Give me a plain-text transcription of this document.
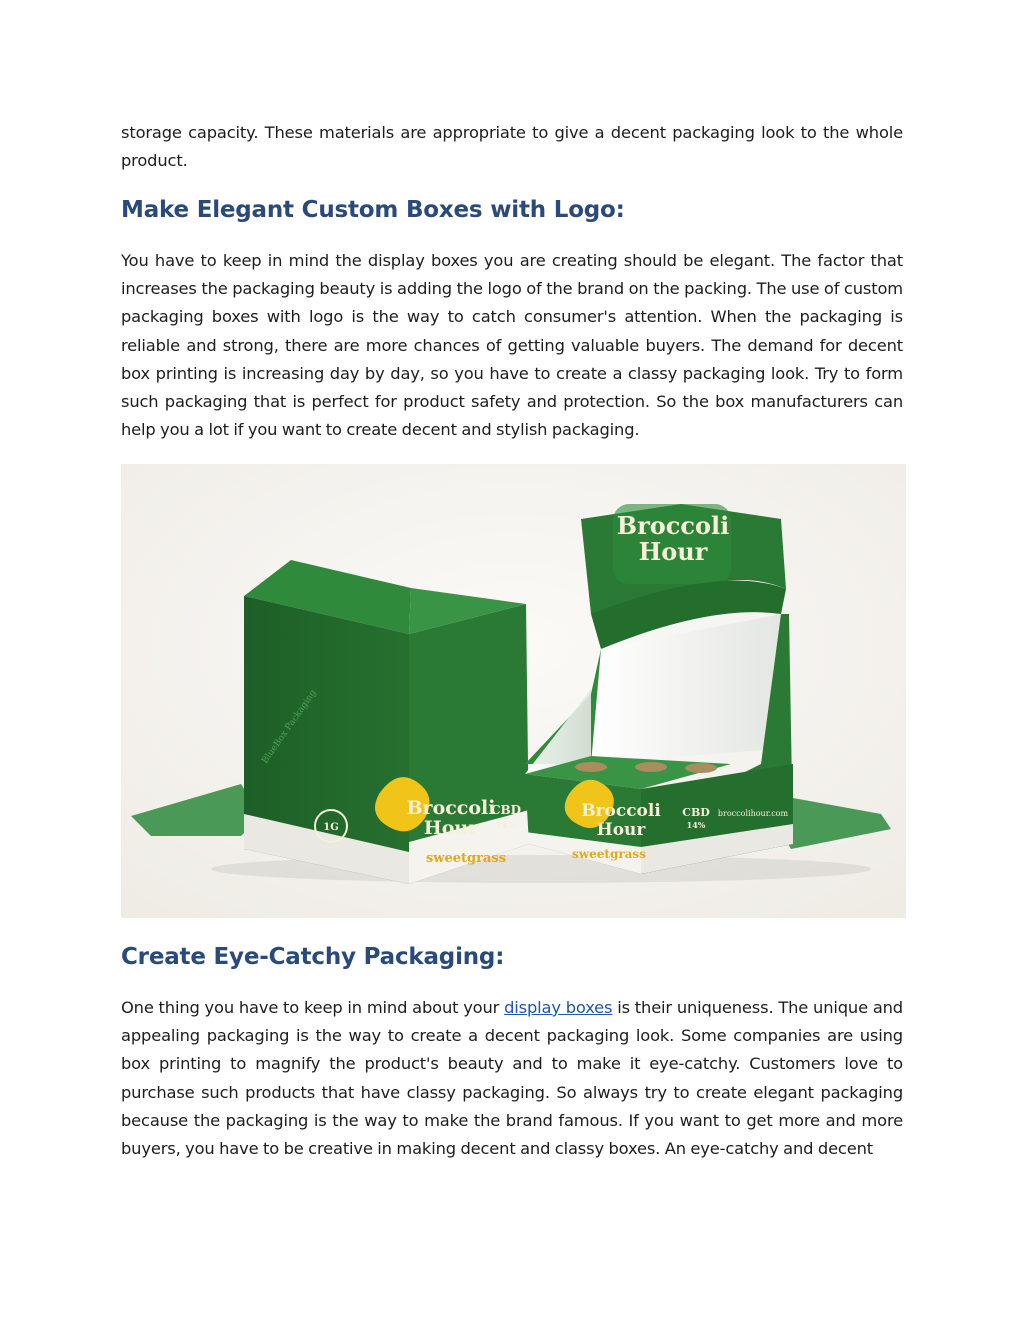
storage capacity. These materials are appropriate to give a decent packaging look to the whole product.

Make Elegant Custom Boxes with Logo:

You have to keep in mind the display boxes you are creating should be elegant. The factor that increases the packaging beauty is adding the logo of the brand on the packing. The use of custom packaging boxes with logo is the way to catch consumer's attention. When the packaging is reliable and strong, there are more chances of getting valuable buyers. The demand for decent box printing is increasing day by day, so you have to create a classy packaging look. Try to form such packaging that is perfect for product safety and protection. So the box manufacturers can help you a lot if you want to create decent and stylish packaging.

Broccoli
Hour
sweetgrass
CBD
14%
1G
BlueBox Packaging
Broccoli
Hour
Broccoli
Hour
sweetgrass
CBD
14%
broccolihour.com
Create Eye-Catchy Packaging:

One thing you have to keep in mind about your display boxes is their uniqueness. The unique and appealing packaging is the way to create a decent packaging look. Some companies are using box printing to magnify the product's beauty and to make it eye-catchy. Customers love to purchase such products that have classy packaging. So always try to create elegant packaging because the packaging is the way to make the brand famous. If you want to get more and more buyers, you have to be creative in making decent and classy boxes. An eye-catchy and decent
